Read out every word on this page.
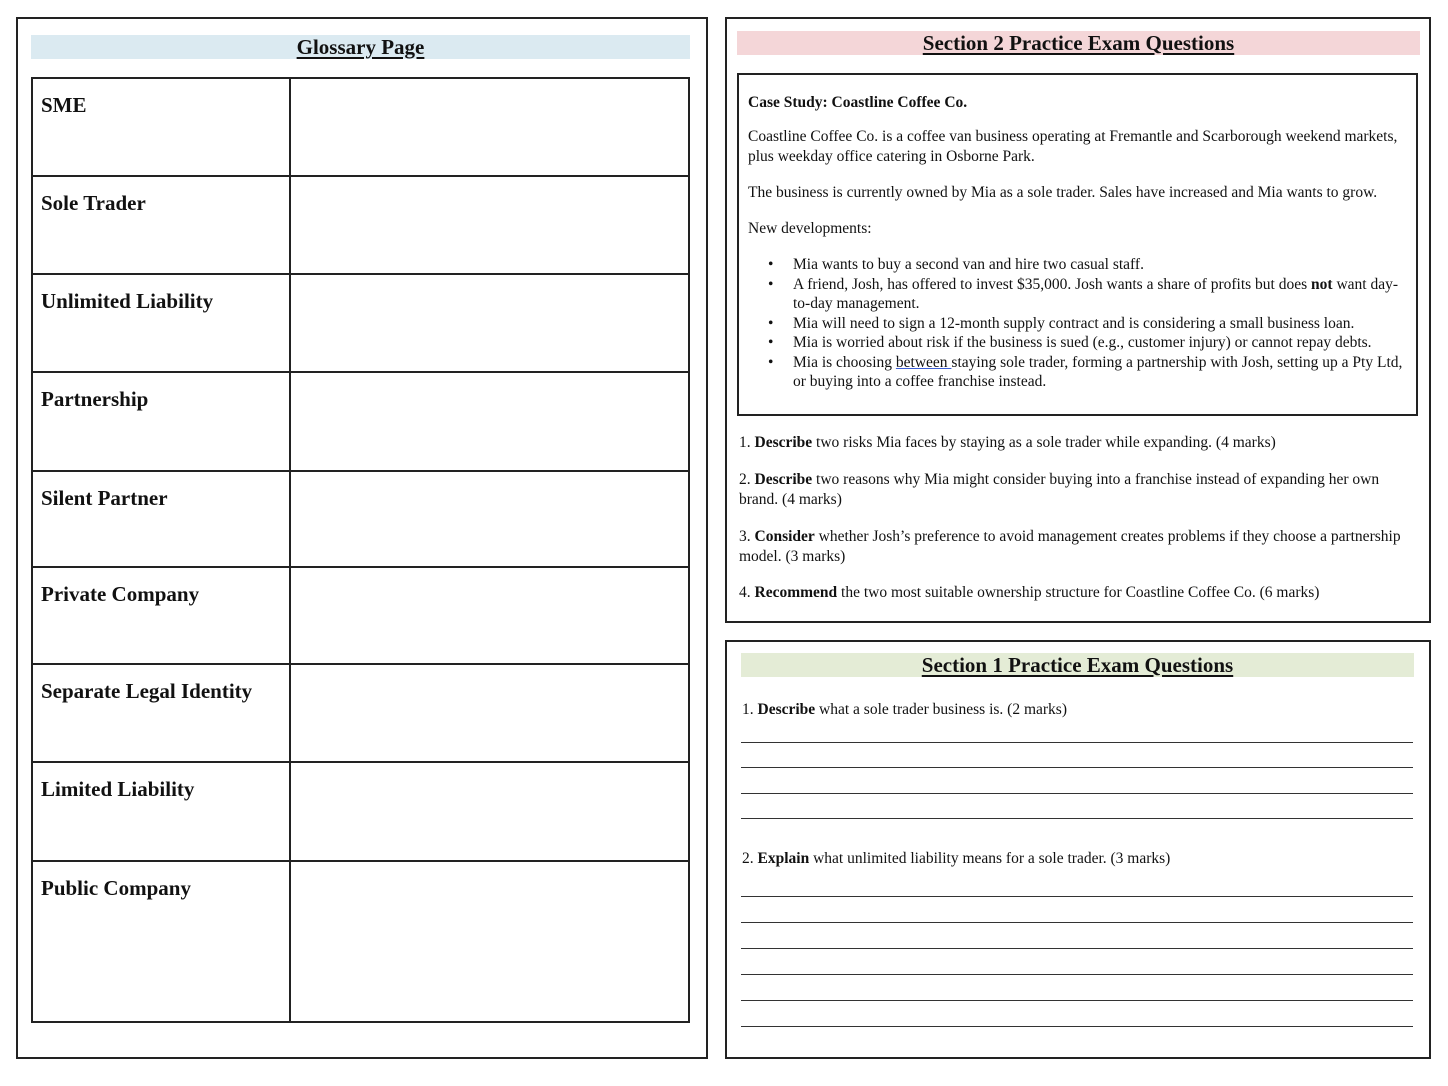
Glossary Page
SME	
Sole Trader	
Unlimited Liability	
Partnership	
Silent Partner	
Private Company	
Separate Legal Identity	
Limited Liability	
Public Company	
Section 2 Practice Exam Questions

Case Study: Coastline Coffee Co.

Coastline Coffee Co. is a coffee van business operating at Fremantle and Scarborough weekend markets, plus weekday office catering in Osborne Park.

The business is currently owned by Mia as a sole trader. Sales have increased and Mia wants to grow.

New developments:

• Mia wants to buy a second van and hire two casual staff.
• A friend, Josh, has offered to invest $35,000. Josh wants a share of profits but does not want day-to-day management.
• Mia will need to sign a 12-month supply contract and is considering a small business loan.
• Mia is worried about risk if the business is sued (e.g., customer injury) or cannot repay debts.
• Mia is choosing between staying sole trader, forming a partnership with Josh, setting up a Pty Ltd, or buying into a coffee franchise instead.
1. Describe two risks Mia faces by staying as a sole trader while expanding. (4 marks)
2. Describe two reasons why Mia might consider buying into a franchise instead of expanding her own brand. (4 marks)
3. Consider whether Josh’s preference to avoid management creates problems if they choose a partnership model. (3 marks)
4. Recommend the two most suitable ownership structure for Coastline Coffee Co. (6 marks)
Section 1 Practice Exam Questions
1. Describe what a sole trader business is. (2 marks)
2. Explain what unlimited liability means for a sole trader. (3 marks)
